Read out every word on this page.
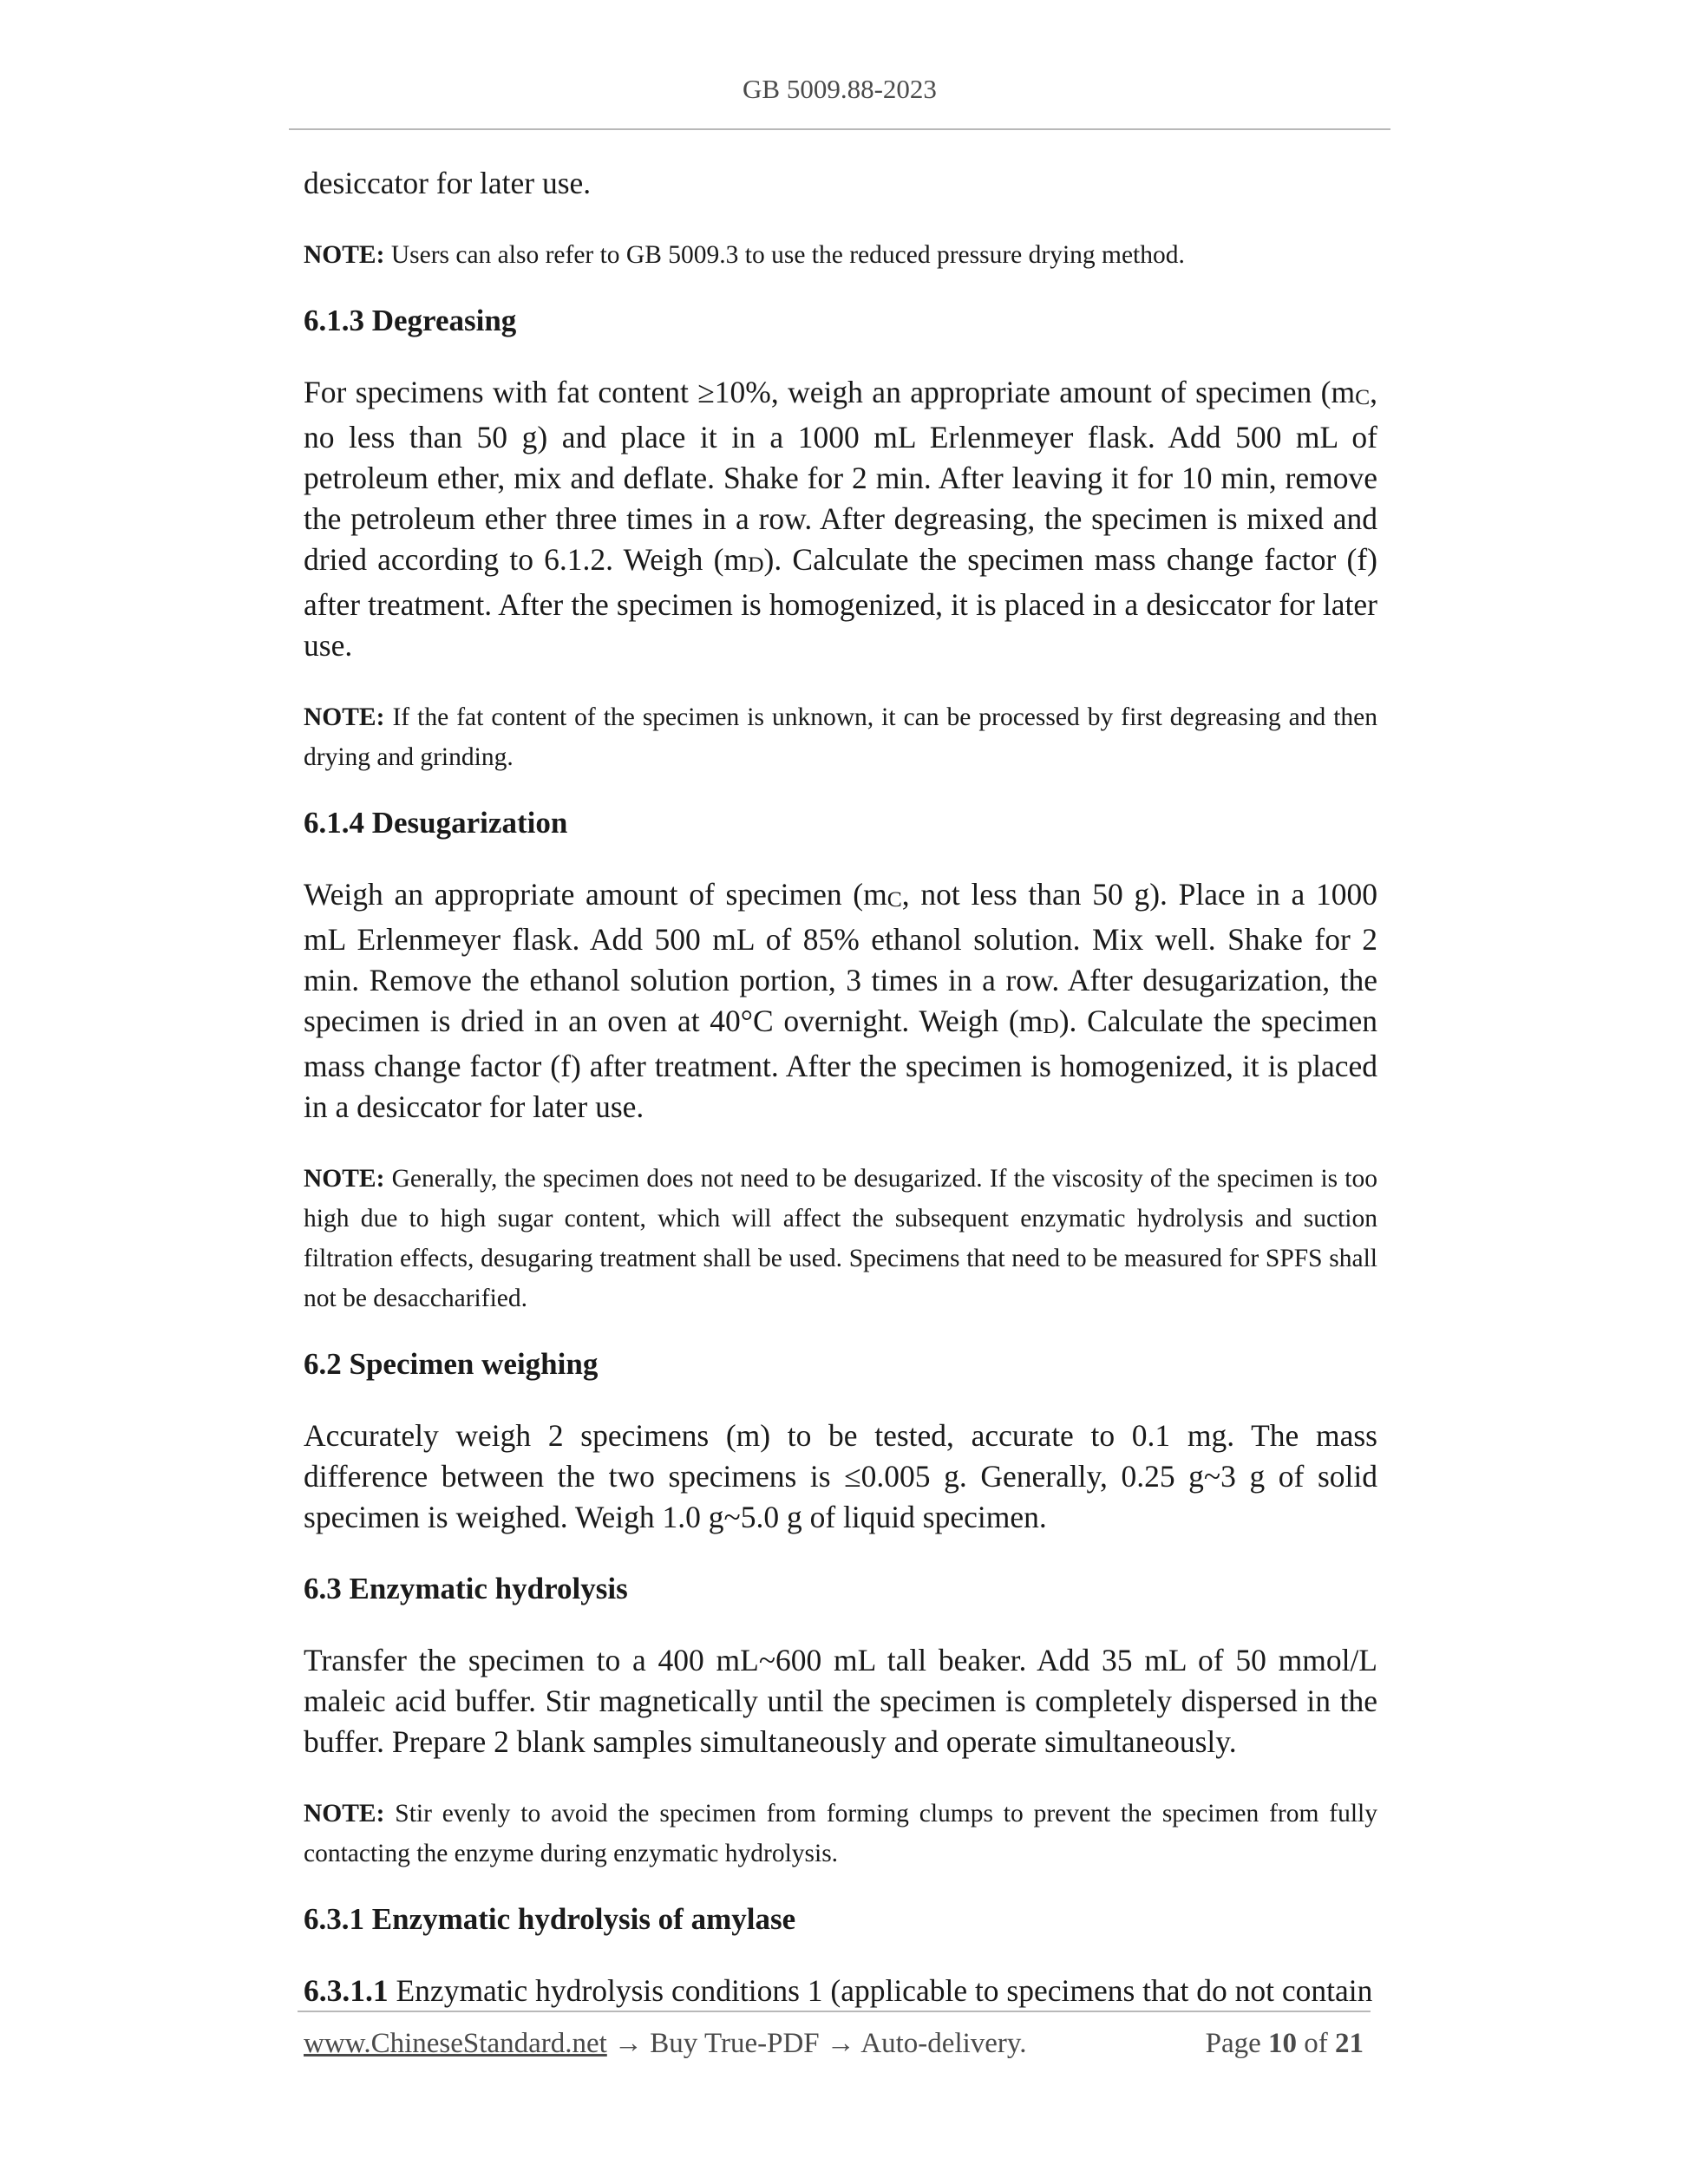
GB 5009.88-2023

desiccator for later use.

NOTE: Users can also refer to GB 5009.3 to use the reduced pressure drying method.

6.1.3 Degreasing

For specimens with fat content ≥10%, weigh an appropriate amount of specimen (mC, no less than 50 g) and place it in a 1000 mL Erlenmeyer flask. Add 500 mL of petroleum ether, mix and deflate. Shake for 2 min. After leaving it for 10 min, remove the petroleum ether three times in a row. After degreasing, the specimen is mixed and dried according to 6.1.2. Weigh (mD). Calculate the specimen mass change factor (f) after treatment. After the specimen is homogenized, it is placed in a desiccator for later use.

NOTE: If the fat content of the specimen is unknown, it can be processed by first degreasing and then drying and grinding.

6.1.4 Desugarization

Weigh an appropriate amount of specimen (mC, not less than 50 g). Place in a 1000 mL Erlenmeyer flask. Add 500 mL of 85% ethanol solution. Mix well. Shake for 2 min. Remove the ethanol solution portion, 3 times in a row. After desugarization, the specimen is dried in an oven at 40°C overnight. Weigh (mD). Calculate the specimen mass change factor (f) after treatment. After the specimen is homogenized, it is placed in a desiccator for later use.

NOTE: Generally, the specimen does not need to be desugarized. If the viscosity of the specimen is too high due to high sugar content, which will affect the subsequent enzymatic hydrolysis and suction filtration effects, desugaring treatment shall be used. Specimens that need to be measured for SPFS shall not be desaccharified.

6.2 Specimen weighing

Accurately weigh 2 specimens (m) to be tested, accurate to 0.1 mg. The mass difference between the two specimens is ≤0.005 g. Generally, 0.25 g~3 g of solid specimen is weighed. Weigh 1.0 g~5.0 g of liquid specimen.

6.3 Enzymatic hydrolysis

Transfer the specimen to a 400 mL~600 mL tall beaker. Add 35 mL of 50 mmol/L maleic acid buffer. Stir magnetically until the specimen is completely dispersed in the buffer. Prepare 2 blank samples simultaneously and operate simultaneously.

NOTE: Stir evenly to avoid the specimen from forming clumps to prevent the specimen from fully contacting the enzyme during enzymatic hydrolysis.

6.3.1 Enzymatic hydrolysis of amylase

6.3.1.1 Enzymatic hydrolysis conditions 1 (applicable to specimens that do not contain

www.ChineseStandard.net → Buy True-PDF → Auto-delivery.	Page 10 of 21
